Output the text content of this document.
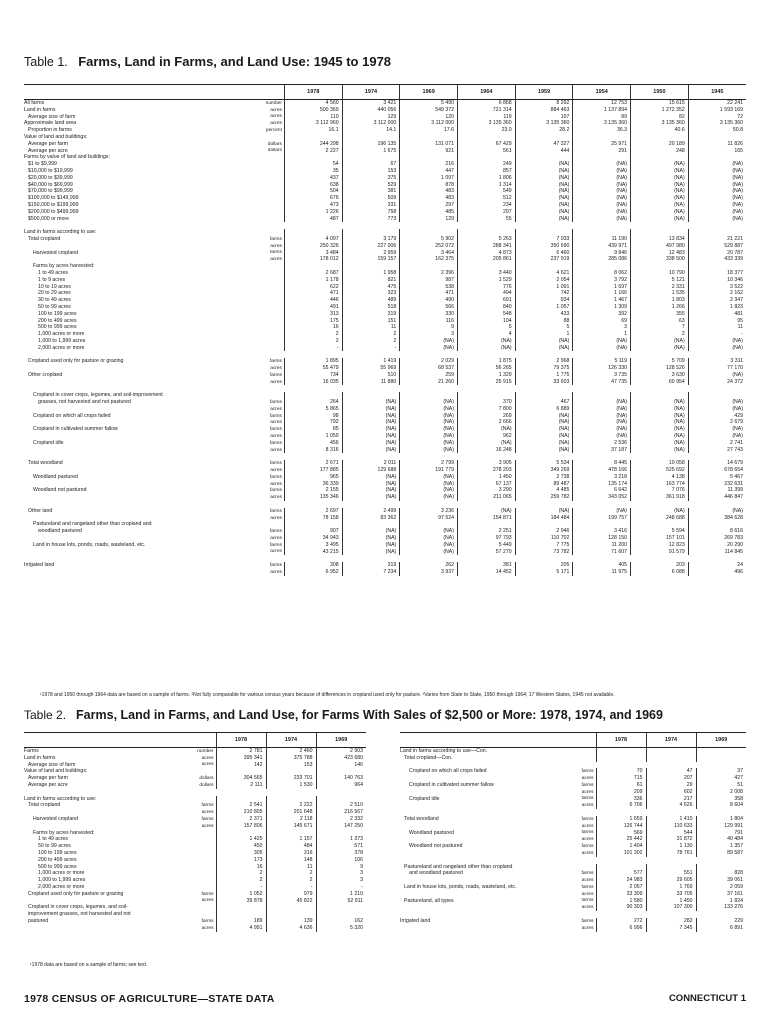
Table 1. Farms, Land in Farms, and Land Use: 1945 to 1978
		1978	1974	1969	1964	1959	1954	1950	1945
All farms	number	4 560	3 421	5 490	6 868	8 292	12 753	15 615	22 241
Land in farms	acres	500 369	440 056	549 372	721 314	884 463	1 137 894	1 272 352	1 593 169
Average size of farm	acres	110	129	120	119	107	89	82	72
Approximate land area	acres	3 112 960	3 112 000	3 112 000	3 135 360	3 135 360	3 135 360	3 135 360	3 135 360
Proportion in farms	percent	16.1	14.1	17.6	23.0	28.2	36.3	40.6	50.8
Value of land and buildings:									
Average per farm	dollars	244 298	196 135	131 071	67 429	47 327	25 971	20 189	11 826
Average per acre	dollars	2 227	1 675	921	561	444	291	248	165
Farms by value of land and buildings:									
$1 to $9,999		54	67	216	249	(NA)	(NA)	(NA)	(NA)
$10,000 to $19,999		35	153	447	857	(NA)	(NA)	(NA)	(NA)
$20,000 to $39,999		437	375	1 097	1 806	(NA)	(NA)	(NA)	(NA)
$40,000 to $69,999		638	529	878	1 314	(NA)	(NA)	(NA)	(NA)
$70,000 to $99,999		504	381	483	549	(NA)	(NA)	(NA)	(NA)
$100,000 to $149,999		676	509	483	512	(NA)	(NA)	(NA)	(NA)
$150,000 to $199,999		473	331	297	234	(NA)	(NA)	(NA)	(NA)
$200,000 to $499,999		1 226	758	485	297	(NA)	(NA)	(NA)	(NA)
$500,000 or more		487	773	129	55	(NA)	(NA)	(NA)	(NA)

Land in farms according to use:									
Total cropland	farms	4 097	3 179	5 902	5 263	7 033	11 190	13 834	21 221
	acres	250 326	227 006	252 072	288 341	350 690	439 971	497 980	529 887
Harvested cropland	farms	3 484	2 959	3 464	4 873	6 460	9 846	12 483	20 787
	acres	178 012	159 157	162 375	205 861	237 919	285 086	338 500	433 339
Farms by acres harvested:									
1 to 49 acres		2 687	1 958	2 396	3 440	4 621	8 062	10 790	18 377
1 to 9 acres		1 178	821	987	1 529	2 054	3 792	5 121	10 346
10 to 19 acres		622	475	538	776	1 091	1 697	2 331	3 522
20 to 29 acres		471	323	471	494	742	1 166	1 535	2 162
30 to 49 acres		446	489	490	691	934	1 467	1 803	2 347
50 to 99 acres		491	518	566	840	1 057	1 309	1 266	1 823
100 to 199 acres		313	319	330	548	433	392	355	481
200 to 499 acres		175	151	116	104	88	69	63	95
500 to 999 acres		16	11	9	5	5	3	7	11
1,000 acres or more		2	2	3	4	1	1	2	-
1,000 to 1,999 acres		2	2	(NA)	(NA)	(NA)	(NA)	(NA)	(NA)
2,000 acres or more		-	-	(NA)	(NA)	(NA)	(NA)	(NA)	(NA)

Cropland used only for pasture or grazing	farms	1 895	1 419	2 029	1 875	2 968	5 119	5 709	3 311
	acres	55 479	55 969	68 537	56 265	79 375	126 330	128 526	77 170
Other cropland	farms	734	510	259	1 329	1 775	3 735	3 630	(NA)
	acres	16 035	11 880	21 260	25 915	33 603	47 735	60 954	24 372

Cropland in cover crops, legumes, and soil-improvement									
grasses, not harvested and not pastured	farms	264	(NA)	(NA)	370	467	(NA)	(NA)	(NA)
	acres	5 865	(NA)	(NA)	7 800	6 889	(NA)	(NA)	(NA)
Cropland on which all crops failed	farms	98	(NA)	(NA)	269	(NA)	(NA)	(NA)	429
	acres	792	(NA)	(NA)	2 666	(NA)	(NA)	(NA)	2 679
Cropland in cultivated summer fallow	farms	85	(NA)	(NA)	(NA)	(NA)	(NA)	(NA)	(NA)
	acres	1 059	(NA)	(NA)	962	(NA)	(NA)	(NA)	(NA)
Cropland idle	farms	456	(NA)	(NA)	(NA)	(NA)	2 536	(NA)	2 741
	acres	8 316	(NA)	(NA)	16 248	(NA)	37 187	(NA)	27 743

Total woodland	farms	2 671	2 011	2 799	3 905	5 534	8 445	10 058	14 679
	acres	177 885	129 688	191 779	278 203	349 269	478 166	525 692	678 654
Woodland pastured	farms	965	(NA)	(NA)	1 450	2 738	3 218	4 138	5 467
	acres	36 339	(NA)	(NA)	67 137	89 487	135 174	163 774	232 631
Woodland not pastured	farms	2 155	(NA)	(NA)	3 290	4 485	6 642	7 076	11 399
	acres	135 346	(NA)	(NA)	211 065	259 782	343 052	361 918	446 847

Other land	farms	2 697	2 499	3 236	(NA)	(NA)	(NA)	(NA)	(NA)
	acres	78 158	83 362	97 524	154 871	184 484	199 757	248 688	384 628
Pastureland and rangeland other than cropland and									
woodland pastured	farms	907	(NA)	(NA)	2 251	2 946	3 416	5 594	8 616
	acres	34 943	(NA)	(NA)	97 793	110 702	128 150	157 101	269 783
Land in house lots, ponds, roads, wasteland, etc.	farms	3 495	(NA)	(NA)	5 449	7 775	11 200	12 823	20 290
	acres	43 215	(NA)	(NA)	57 270	73 782	71 607	91 579	114 845

Irrigated land	farms	308	319	262	381	205	405	203	24
	acres	6 952	7 234	3 937	14 452	5 171	11 975	6 088	496
¹1978 and 1950 through 1964 data are based on a sample of farms. ²Not fully comparable for various census years because of differences in cropland used only for pasture. ³Varies from State to State, 1950 through 1964; 17 Western States, 1945 not available.
Table 2. Farms, Land in Farms, and Land Use, for Farms With Sales of $2,500 or More: 1978, 1974, and 1969
		1978	1974	1969
Farms	number	2 781	2 460	2 903
Land in farms	acres	395 341	375 788	423 680
Average size of farm	acres	142	153	146
Value of land and buildings:				
Average per farm	dollars	304 565	233 701	140 763
Average per acre	dollars	2 111	1 530	964

Land in farms according to use:				
Total cropland	farms	2 541	2 222	2 510
	acres	210 805	201 648	216 567
Harvested cropland	farms	2 371	2 118	2 332
	acres	157 806	145 671	147 250
Farms by acres harvested:				
1 to 49 acres		1 425	1 157	1 373
50 to 99 acres		450	484	571
100 to 199 acres		305	316	378
200 to 499 acres		173	148	106
500 to 999 acres		16	11	9
1,000 acres or more		2	2	3
1,000 to 1,999 acres		2	2	3
2,000 acres or more		-	-	-
Cropland used only for pasture or grazing	farms	1 052	979	1 210
	acres	39 878	45 822	52 911
Cropland in cover crops, legumes, and soil-				
improvement grasses, not harvested and not				
pastured	farms	189	139	162
	acres	4 991	4 636	5 320
		1978	1974	1969
Land in farms according to use—Con.				
Total cropland—Con.				

Cropland on which all crops failed	farms	70	47	37
	acres	715	207	427
Cropland in cultivated summer fallow	farms	61	29	51
	acres	209	602	2 008
Cropland idle	farms	336	217	358
	acres	6 706	4 626	8 604

Total woodland	farms	1 659	1 410	1 804
	acres	126 744	110 633	129 991
Woodland pastured	farms	569	544	791
	acres	25 442	31 872	40 484
Woodland not pastured	farms	1 404	1 130	1 357
	acres	101 302	78 761	89 587

Pastureland and rangeland other than cropland				
and woodland pastured	farms	577	551	828
	acres	24 983	29 605	39 061
Land in house lots, ponds, roads, wasteland, etc.	farms	2 057	1 769	2 059
	acres	33 309	33 705	37 161
Pastureland, all types	farms	1 580	1 450	1 824
	acres	90 303	107 300	133 276

Irrigated land	farms	272	282	229
	acres	6 996	7 345	6 891
¹1978 data are based on a sample of farms; see text.
1978 CENSUS OF AGRICULTURE—STATE DATA	CONNECTICUT 1
